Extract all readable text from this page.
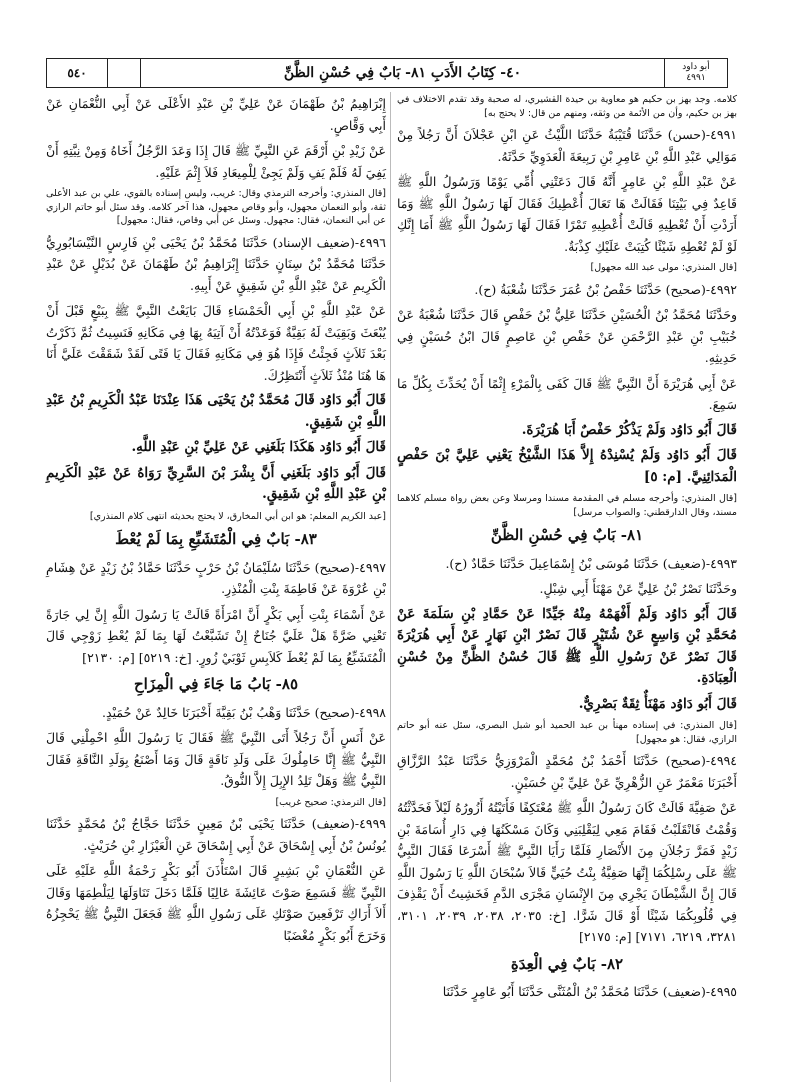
٥٤٠	٤٠- كِتَابُ الأَدَبِ ٨١- بَابٌ فِي حُسْنِ الظَّنِّ	أبو داود
٤٩٩١

كلامه. وجد بهز بن حكيم هو معاوية بن حيدة القشيري، له صحبة وقد تقدم الاختلاف في بهز بن حكيم، وأن من الأئمة من وثقه، ومنهم من قال: لا يحتج به]

٤٩٩١-(حسن) حَدَّثَنَا قُتَيْبَةُ حَدَّثَنَا اللَّيْثُ عَنِ ابْنِ عَجْلاَنَ أَنَّ رَجُلاً مِنْ مَوَالِي عَبْدِ اللَّهِ بْنِ عَامِرِ بْنِ رَبِيعَةَ الْعَدَوِيِّ حَدَّثَهُ.

عَنْ عَبْدِ اللَّهِ بْنِ عَامِرٍ أَنَّهُ قَالَ دَعَتْنِي أُمِّي يَوْمًا وَرَسُولُ اللَّهِ ﷺ قَاعِدٌ فِي بَيْتِنَا فَقَالَتْ هَا تَعَالَ أُعْطِيكَ فَقَالَ لَهَا رَسُولُ اللَّهِ ﷺ وَمَا أَرَدْتِ أَنْ تُعْطِيهِ قَالَتْ أُعْطِيهِ تَمْرًا فَقَالَ لَهَا رَسُولُ اللَّهِ ﷺ أَمَا إِنَّكِ لَوْ لَمْ تُعْطِهِ شَيْئًا كُتِبَتْ عَلَيْكِ كِذْبَةٌ.

[قال المنذري: مولى عبد الله مجهول]

٤٩٩٢-(صحيح) حَدَّثَنَا حَفْصُ بْنُ عُمَرَ حَدَّثَنَا شُعْبَةُ (ح).

وحَدَّثَنَا مُحَمَّدُ بْنُ الْحُسَيْنِ حَدَّثَنَا عَلِيُّ بْنُ حَفْصٍ قَالَ حَدَّثَنَا شُعْبَةُ عَنْ خُبَيْبِ بْنِ عَبْدِ الرَّحْمَنِ عَنْ حَفْصِ بْنِ عَاصِمٍ قَالَ ابْنُ حُسَيْنٍ فِي حَدِيثِهِ.

عَنْ أَبِي هُرَيْرَةَ أَنَّ النَّبِيَّ ﷺ قَالَ كَفَى بِالْمَرْءِ إِثْمًا أَنْ يُحَدِّثَ بِكُلِّ مَا سَمِعَ.

قَالَ أَبُو دَاوُد وَلَمْ يَذْكُرْ حَفْصٌ أَبَا هُرَيْرَةَ.

قَالَ أَبُو دَاوُد وَلَمْ يُسْنِدْهُ إِلاَّ هَذَا الشَّيْخُ يَعْنِي عَلِيَّ بْنَ حَفْصٍ الْمَدَائِنِيَّ. [م: ٥]

[قال المنذري: وأخرجه مسلم في المقدمة مسندا ومرسلا وعن بعض رواة مسلم كلاهما مسند، وقال الدارقطني: والصواب مرسل]

٨١- بَابٌ فِي حُسْنِ الظَّنِّ

٤٩٩٣-(ضعيف) حَدَّثَنَا مُوسَى بْنُ إِسْمَاعِيلَ حَدَّثَنَا حَمَّادٌ (ح).

وحَدَّثَنَا نَصْرُ بْنُ عَلِيٍّ عَنْ مَهْنَأَ أَبِي شِبْلٍ.

قَالَ أَبُو دَاوُد وَلَمْ أَفْهَمْهُ مِنْهُ جَيِّدًا عَنْ حَمَّادِ بْنِ سَلَمَةَ عَنْ مُحَمَّدِ بْنِ وَاسِعٍ عَنْ شُتَيْرٍ قَالَ نَصْرٌ ابْنِ نَهَارٍ عَنْ أَبِي هُرَيْرَةَ قَالَ نَصْرٌ عَنْ رَسُولِ اللَّهِ ﷺ قَالَ حُسْنُ الظَّنِّ مِنْ حُسْنِ الْعِبَادَةِ.

قَالَ أَبُو دَاوُد مَهْنَأٌ ثِقَةٌ بَصْرِيٌّ.

[قال المنذري: في إسناده مهنأ بن عبد الحميد أبو شبل البصري، سئل عنه أبو حاتم الرازي، فقال: هو مجهول]

٤٩٩٤-(صحيح) حَدَّثَنَا أَحْمَدُ بْنُ مُحَمَّدٍ الْمَرْوَزِيُّ حَدَّثَنَا عَبْدُ الرَّزَّاقِ أَخْبَرَنَا مَعْمَرٌ عَنِ الزُّهْرِيِّ عَنْ عَلِيِّ بْنِ حُسَيْنٍ.

عَنْ صَفِيَّةَ قَالَتْ كَانَ رَسُولُ اللَّهِ ﷺ مُعْتَكِفًا فَأَتَيْتُهُ أَزُورُهُ لَيْلاً فَحَدَّثْتُهُ وَقُمْتُ فَانْقَلَبْتُ فَقَامَ مَعِي لِيَقْلِبَنِي وَكَانَ مَسْكَنُهَا فِي دَارِ أُسَامَةَ بْنِ زَيْدٍ فَمَرَّ رَجُلاَنِ مِنَ الأَنْصَارِ فَلَمَّا رَأَيَا النَّبِيَّ ﷺ أَسْرَعَا فَقَالَ النَّبِيُّ ﷺ عَلَى رِسْلِكُمَا إِنَّهَا صَفِيَّةُ بِنْتُ حُيَيٍّ قَالاَ سُبْحَانَ اللَّهِ يَا رَسُولَ اللَّهِ قَالَ إِنَّ الشَّيْطَانَ يَجْرِي مِنَ الإِنْسَانِ مَجْرَى الدَّمِ فَخَشِيتُ أَنْ يَقْذِفَ فِي قُلُوبِكُمَا شَيْئًا أَوْ قَالَ شَرًّا. [خ: ٢٠٣٥، ٢٠٣٨، ٢٠٣٩، ٣١٠١، ٣٢٨١، ٦٢١٩، ٧١٧١] [م: ٢١٧٥]

٨٢- بَابٌ فِي الْعِدَةِ

٤٩٩٥-(ضعيف) حَدَّثَنَا مُحَمَّدُ بْنُ الْمُثَنَّى حَدَّثَنَا أَبُو عَامِرٍ حَدَّثَنَا

إِبْرَاهِيمُ بْنُ طَهْمَانَ عَنْ عَلِيِّ بْنِ عَبْدِ الأَعْلَى عَنْ أَبِي النُّعْمَانِ عَنْ أَبِي وَقَّاصٍ.

عَنْ زَيْدِ بْنِ أَرْقَمَ عَنِ النَّبِيِّ ﷺ قَالَ إِذَا وَعَدَ الرَّجُلُ أَخَاهُ وَمِنْ نِيَّتِهِ أَنْ يَفِيَ لَهُ فَلَمْ يَفِ وَلَمْ يَجِئْ لِلْمِيعَادِ فَلاَ إِثْمَ عَلَيْهِ.

[قال المنذري: وأخرجه الترمذي وقال: غريب، وليس إسناده بالقوي، علي بن عبد الأعلى ثقة، وأبو النعمان مجهول، وأبو وقاص مجهول، هذا آخر كلامه. وقد سئل أبو حاتم الرازي عن أبي النعمان، فقال: مجهول. وسئل عن أبي وقاص، فقال: مجهول]

٤٩٩٦-(ضعيف الإسناد) حَدَّثَنَا مُحَمَّدُ بْنُ يَحْيَى بْنِ فَارِسٍ النَّيْسَابُورِيُّ حَدَّثَنَا مُحَمَّدُ بْنُ سِنَانٍ حَدَّثَنَا إِبْرَاهِيمُ بْنُ طَهْمَانَ عَنْ بُدَيْلٍ عَنْ عَبْدِ الْكَرِيمِ عَنْ عَبْدِ اللَّهِ بْنِ شَقِيقٍ عَنْ أَبِيهِ.

عَنْ عَبْدِ اللَّهِ بْنِ أَبِي الْحَمْسَاءِ قَالَ بَايَعْتُ النَّبِيَّ ﷺ بِبَيْعٍ قَبْلَ أَنْ يُبْعَثَ وَبَقِيَتْ لَهُ بَقِيَّةٌ فَوَعَدْتُهُ أَنْ آتِيَهُ بِهَا فِي مَكَانِهِ فَنَسِيتُ ثُمَّ ذَكَرْتُ بَعْدَ ثَلاَثٍ فَجِئْتُ فَإِذَا هُوَ فِي مَكَانِهِ فَقَالَ يَا فَتًى لَقَدْ شَقَقْتَ عَلَيَّ أَنَا هَا هُنَا مُنْذُ ثَلاَثٍ أَنْتَظِرُكَ.

قَالَ أَبُو دَاوُد قَالَ مُحَمَّدُ بْنُ يَحْيَى هَذَا عِنْدَنَا عَبْدُ الْكَرِيمِ بْنُ عَبْدِ اللَّهِ بْنِ شَقِيقٍ.

قَالَ أَبُو دَاوُد هَكَذَا بَلَغَنِي عَنْ عَلِيِّ بْنِ عَبْدِ اللَّهِ.

قَالَ أَبُو دَاوُد بَلَغَنِي أَنَّ بِشْرَ بْنَ السَّرِيِّ رَوَاهُ عَنْ عَبْدِ الْكَرِيمِ بْنِ عَبْدِ اللَّهِ بْنِ شَقِيقٍ.

[عبد الكريم المعلم: هو ابن أبي المخارق، لا يحتج بحديثه انتهى كلام المنذري]

٨٣- بَابٌ فِي الْمُتَشَبِّعِ بِمَا لَمْ يُعْطَ

٤٩٩٧-(صحيح) حَدَّثَنَا سُلَيْمَانُ بْنُ حَرْبٍ حَدَّثَنَا حَمَّادُ بْنُ زَيْدٍ عَنْ هِشَامِ بْنِ عُرْوَةَ عَنْ فَاطِمَةَ بِنْتِ الْمُنْذِرِ.

عَنْ أَسْمَاءَ بِنْتِ أَبِي بَكْرٍ أَنَّ امْرَأَةً قَالَتْ يَا رَسُولَ اللَّهِ إِنَّ لِي جَارَةً تَعْنِي ضَرَّةً هَلْ عَلَيَّ جُنَاحٌ إِنْ تَشَبَّعْتُ لَهَا بِمَا لَمْ يُعْطِ زَوْجِي قَالَ الْمُتَشَبِّعُ بِمَا لَمْ يُعْطَ كَلاَبِسِ ثَوْبَيْ زُورٍ. [خ: ٥٢١٩] [م: ٢١٣٠]

٨٥- بَابُ مَا جَاءَ فِي الْمِزَاحِ

٤٩٩٨-(صحيح) حَدَّثَنَا وَهْبُ بْنُ بَقِيَّةَ أَخْبَرَنَا خَالِدٌ عَنْ حُمَيْدٍ.

عَنْ أَنَسٍ أَنَّ رَجُلاً أَتَى النَّبِيَّ ﷺ فَقَالَ يَا رَسُولَ اللَّهِ احْمِلْنِي قَالَ النَّبِيُّ ﷺ إِنَّا حَامِلُوكَ عَلَى وَلَدِ نَاقَةٍ قَالَ وَمَا أَصْنَعُ بِوَلَدِ النَّاقَةِ فَقَالَ النَّبِيُّ ﷺ وَهَلْ تَلِدُ الإِبِلَ إِلاَّ النُّوقُ.

[قال الترمذي: صحيح غريب]

٤٩٩٩-(ضعيف) حَدَّثَنَا يَحْيَى بْنُ مَعِينٍ حَدَّثَنَا حَجَّاجُ بْنُ مُحَمَّدٍ حَدَّثَنَا يُونُسُ بْنُ أَبِي إِسْحَاقَ عَنْ أَبِي إِسْحَاقَ عَنِ الْعَيْزَارِ بْنِ حُرَيْثٍ.

عَنِ النُّعْمَانِ بْنِ بَشِيرٍ قَالَ اسْتَأْذَنَ أَبُو بَكْرٍ رَحْمَةُ اللَّهِ عَلَيْهِ عَلَى النَّبِيِّ ﷺ فَسَمِعَ صَوْتَ عَائِشَةَ عَالِيًا فَلَمَّا دَخَلَ تَنَاوَلَهَا لِيَلْطِمَهَا وَقَالَ أَلاَ أَرَاكِ تَرْفَعِينَ صَوْتَكِ عَلَى رَسُولِ اللَّهِ ﷺ فَجَعَلَ النَّبِيُّ ﷺ يَحْجِزُهُ وَخَرَجَ أَبُو بَكْرٍ مُغْضَبًا
